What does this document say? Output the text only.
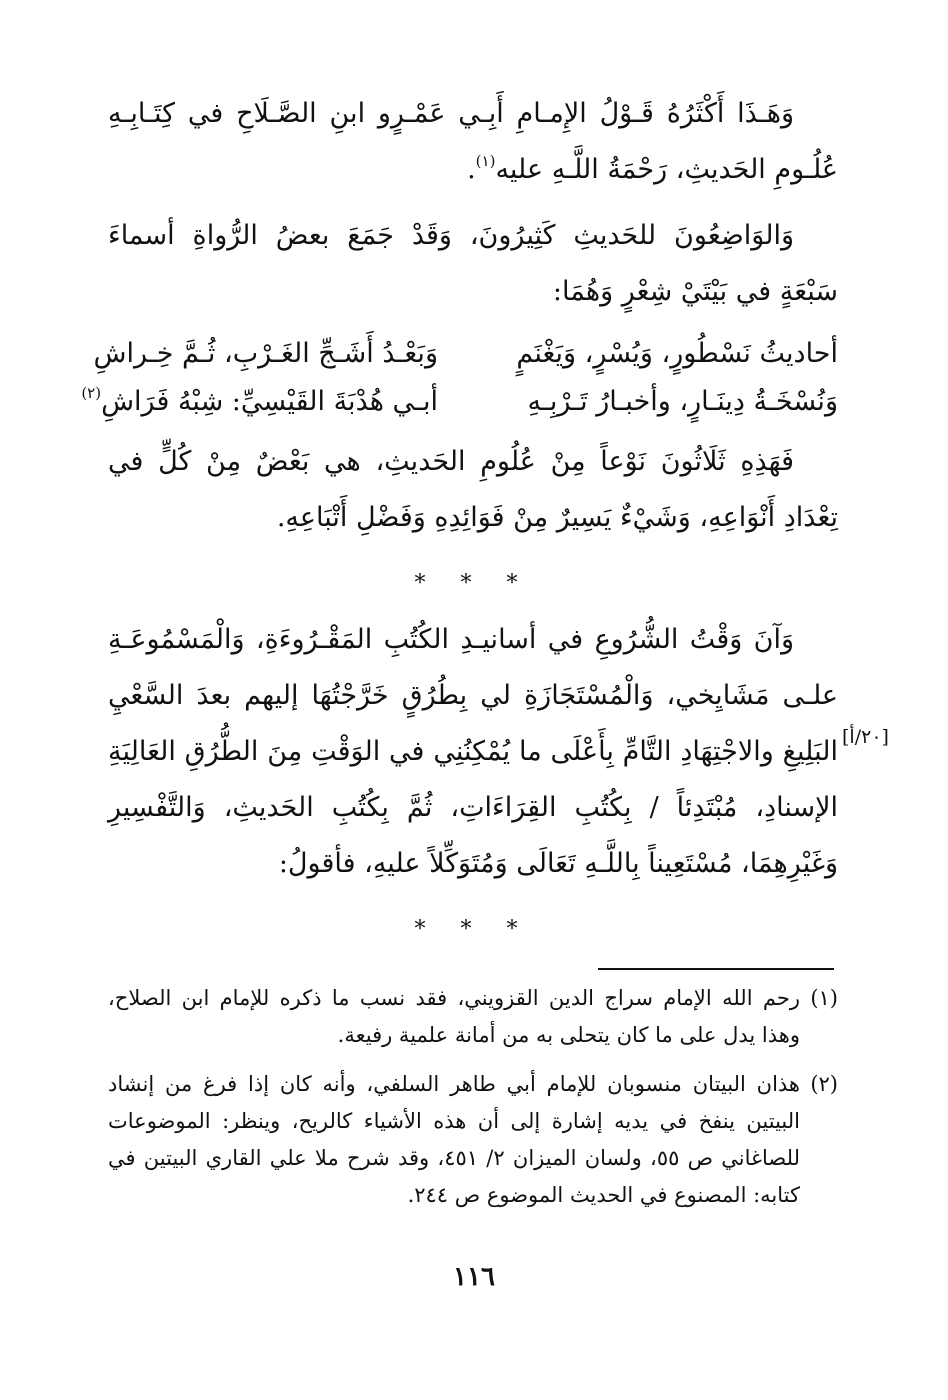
وَهَـذَا أَكْثَرُهُ قَـوْلُ الإِمـامِ أَبِـي عَمْـرٍو ابنِ الصَّـلَاحِ في كِتَـابِـهِ عُلُـومِ الحَديثِ، رَحْمَةُ اللَّـهِ عليه$^{(١)}$.

وَالوَاضِعُونَ للحَديثِ كَثِيرُونَ، وَقَدْ جَمَعَ بعضُ الرُّواةِ أسماءَ سَبْعَةٍ في بَيْتَيْ شِعْرٍ وَهُمَا:

أحاديثُ نَسْطُورٍ، وَيُسْرٍ، وَيَغْنَمٍ
وَبَعْـدُ أَشَـجِّ الغَـرْبِ، ثُـمَّ خِـراشِ
وَنُسْخَـةُ دِينَـارٍ، وأخبـارُ تَـرْبِـهِ
أبـي هُدْبَةَ القَيْسِيِّ: شِبْهُ فَرَاشِ$^{(٢)}$

فَهَذِهِ ثَلَاثُونَ نَوْعاً مِنْ عُلُومِ الحَديثِ، هي بَعْضٌ مِنْ كُلٍّ في تِعْدَادِ أَنْوَاعِهِ، وَشَيْءٌ يَسِيرٌ مِنْ فَوَائِدِهِ وَفَضْلِ أَتْبَاعِهِ.

* * *

وَآنَ وَقْتُ الشُّرُوعِ في أسانيـدِ الكُتُبِ المَقْـرُوءَةِ، وَالْمَسْمُوعَـةِ علـى مَشَايِخي، وَالْمُسْتَجَازَةِ لي بِطُرُقٍ خَرَّجْتُهَا إليهم بعدَ السَّعْيِ البَلِيغِ والاجْتِهَادِ التَّامِّ بِأَعْلَى ما يُمْكِنُنِي في الوَقْتِ مِنَ الطُّرُقِ العَالِيَةِ الإسنادِ، مُبْتَدِئاً / بِكُتُبِ القِرَاءَاتِ، ثُمَّ بِكُتُبِ الحَديثِ، وَالتَّفْسِيرِ وَغَيْرِهِمَا، مُسْتَعِيناً بِاللَّـهِ تَعَالَى وَمُتَوَكِّلاً عليهِ، فأقولُ:

* * *
[٢٠/أ]
(١)
رحم الله الإمام سراج الدين القزويني، فقد نسب ما ذكره للإمام ابن الصلاح، وهذا يدل على ما كان يتحلى به من أمانة علمية رفيعة.
(٢)
هذان البيتان منسوبان للإمام أبي طاهر السلفي، وأنه كان إذا فرغ من إنشاد البيتين ينفخ في يديه إشارة إلى أن هذه الأشياء كالريح، وينظر: الموضوعات للصاغاني ص ٥٥، ولسان الميزان ٢/ ٤٥١، وقد شرح ملا علي القاري البيتين في كتابه: المصنوع في الحديث الموضوع ص ٢٤٤.
١١٦
